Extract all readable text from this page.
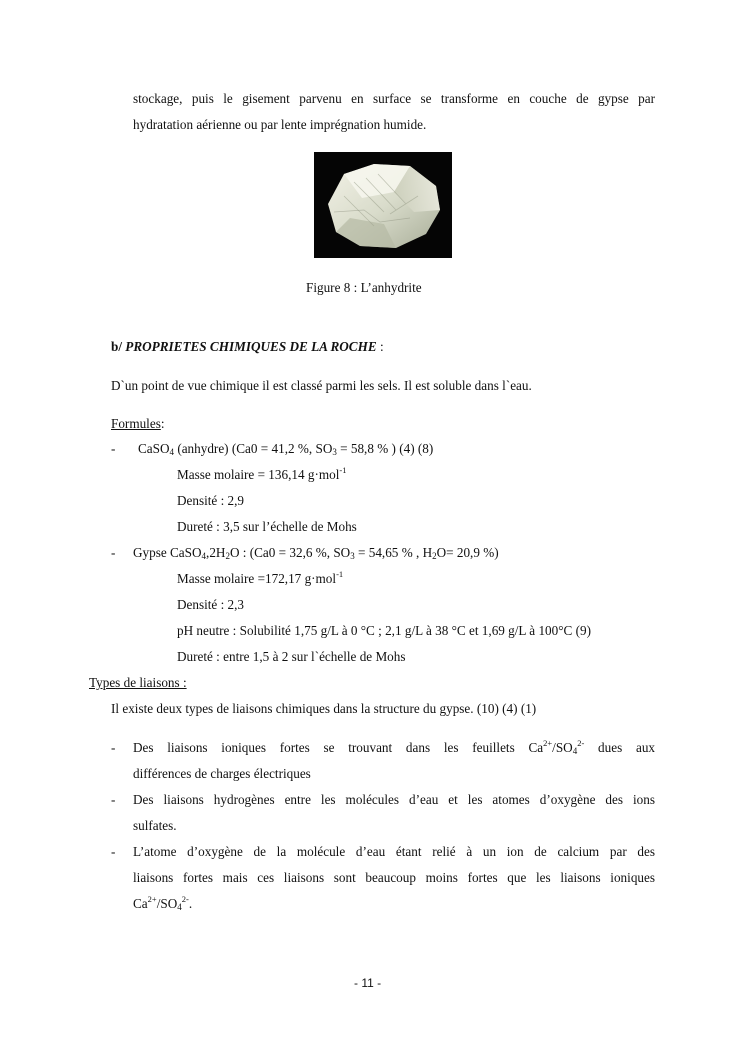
stockage, puis le gisement parvenu en surface se transforme en couche de gypse par
hydratation aérienne ou par lente imprégnation humide.
Figure 8 : L’anhydrite
b/ PROPRIETES CHIMIQUES DE LA ROCHE :
D`un point de vue chimique il est classé parmi les sels. Il est soluble dans l`eau.
Formules:
- CaSO$_4$ (anhydre) (Ca0 = 41,2 %, $SO_3 = 58,8$ % ) (4) (8)
Masse molaire = 136,14 g·mol$^{-1}$
Densité : 2,9
Dureté : 3,5 sur l’échelle de Mohs
- Gypse $CaSO_4,2H_2O$ : (Ca0 = 32,6 %, $SO_3 = 54,65$ % , $H_2O= 20,9$ %)
Masse molaire =172,17 g·mol$^{-1}$
Densité : 2,3
pH neutre : Solubilité 1,75 g/L à 0 °C ; 2,1 g/L à 38 °C et 1,69 g/L à 100°C (9)
Dureté : entre 1,5 à 2 sur l`échelle de Mohs
Types de liaisons :
Il existe deux types de liaisons chimiques dans la structure du gypse. (10) (4) (1)
- Des liaisons ioniques fortes se trouvant dans les feuillets $Ca^{2+}/SO_4^{2-}$ dues aux
différences de charges électriques
- Des liaisons hydrogènes entre les molécules d’eau et les atomes d’oxygène des ions
sulfates.
- L’atome d’oxygène de la molécule d’eau étant relié à un ion de calcium par des
liaisons fortes mais ces liaisons sont beaucoup moins fortes que les liaisons ioniques
$Ca^{2+}/SO_4^{2-}$.
- 11 -
